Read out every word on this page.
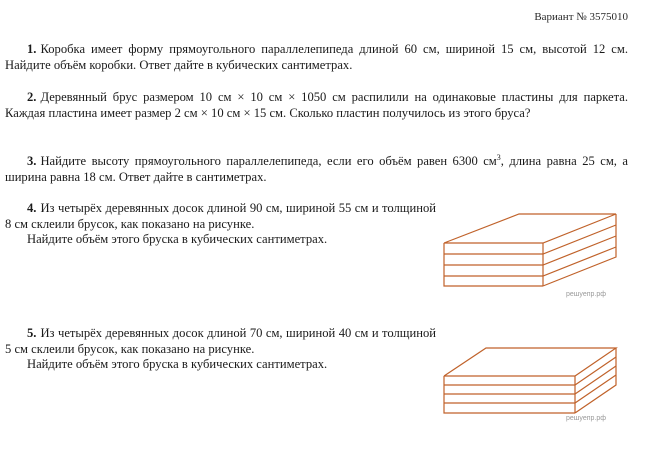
Вариант № 3575010
1. Коробка имеет форму прямоугольного параллелепипеда длиной 60 см, шириной 15 см, высотой 12 см. Найдите объём коробки. Ответ дайте в кубических сантиметрах.
2. Деревянный брус размером 10 см × 10 см × 1050 см распилили на одинаковые пластины для паркета. Каждая пластина имеет размер 2 см × 10 см × 15 см. Сколько пластин получилось из этого бруса?
3. Найдите высоту прямоугольного параллелепипеда, если его объём равен 6300 $см^3$, длина равна 25 см, а ширина равна 18 см. Ответ дайте в сантиметрах.
4. Из четырёх деревянных досок длиной 90 см, шириной 55 см и толщиной 8 см склеили брусок, как показано на рисунке.
Найдите объём этого бруска в кубических сантиметрах.
решуепр.рф
5. Из четырёх деревянных досок длиной 70 см, шириной 40 см и толщиной 5 см склеили брусок, как показано на рисунке.
Найдите объём этого бруска в кубических сантиметрах.
решуепр.рф
